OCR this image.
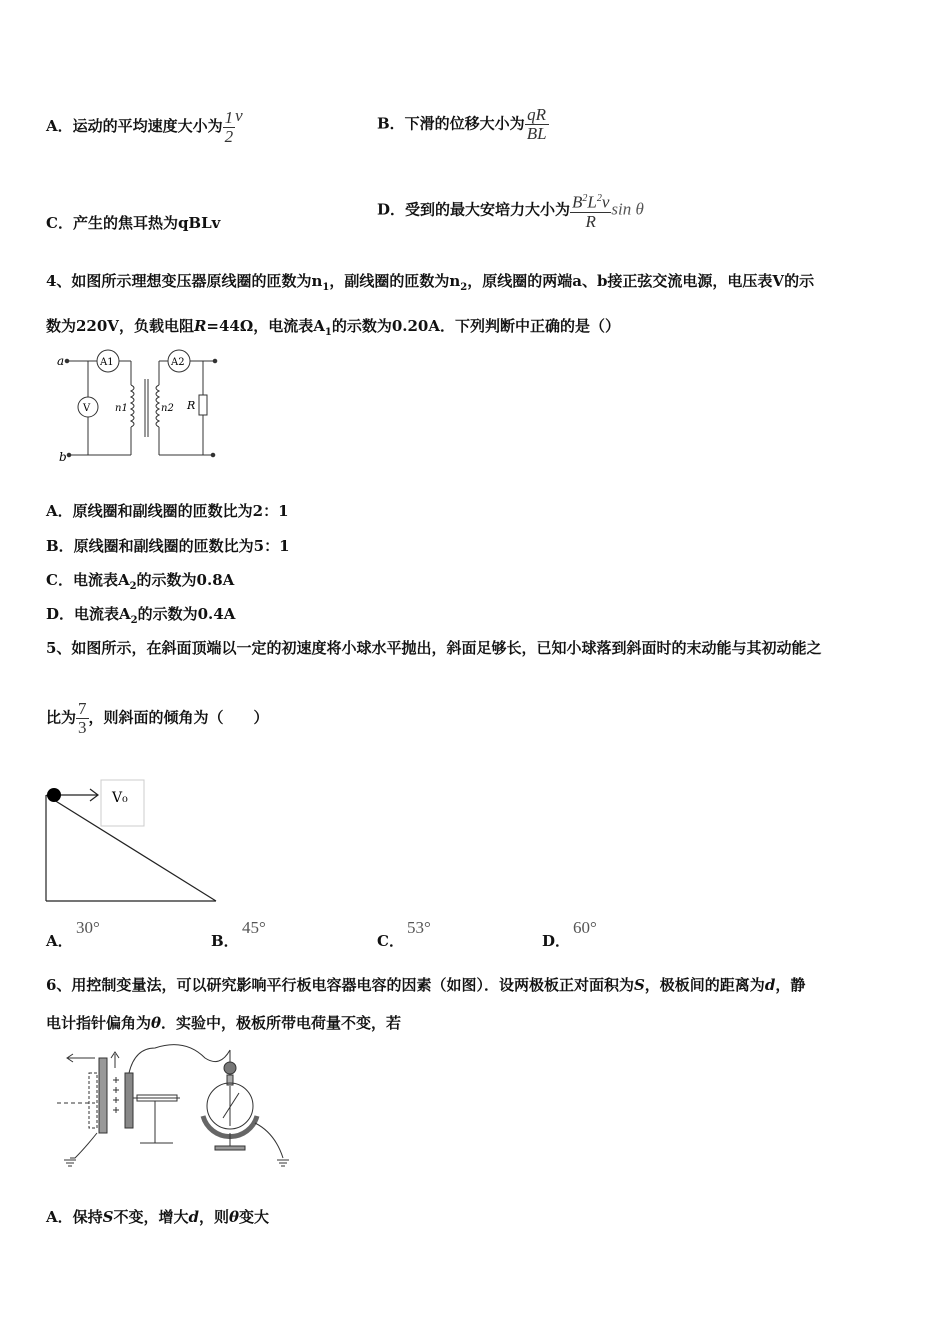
A．运动的平均速度大小为 $\frac{1}{2}$ v	B．下滑的位移大小为 $\frac{qR}{BL}$
C．产生的焦耳热为qBLv
D．受到的最大安培力大小为 $\frac{B^2L^2v}{R}$ sin θ
4、如图所示理想变压器原线圈的匝数为$n_1$，副线圈的匝数为$n_2$，原线圈的两端a、b接正弦交流电源，电压表V的示
数为220V，负载电阻R=44Ω，电流表$A_1$的示数为0.20A．下列判断中正确的是（）
a
b
A1	A2
V n1	n2 R
A．原线圈和副线圈的匝数比为2：1
B．原线圈和副线圈的匝数比为5：1
C．电流表$A_2$的示数为0.8A
D．电流表$A_2$的示数为0.4A
5、如图所示，在斜面顶端以一定的初速度将小球水平抛出，斜面足够长，已知小球落到斜面时的末动能与其初动能之
比为 $\frac{7}{3}$ ，则斜面的倾角为（　　）
V₀
A．
30°
B．
45°
C．
53°
D．
60°
6、用控制变量法，可以研究影响平行板电容器电容的因素（如图）．设两极板正对面积为S，极板间的距离为d，静
电计指针偏角为θ．实验中，极板所带电荷量不变，若
A．保持S不变，增大d，则θ变大
